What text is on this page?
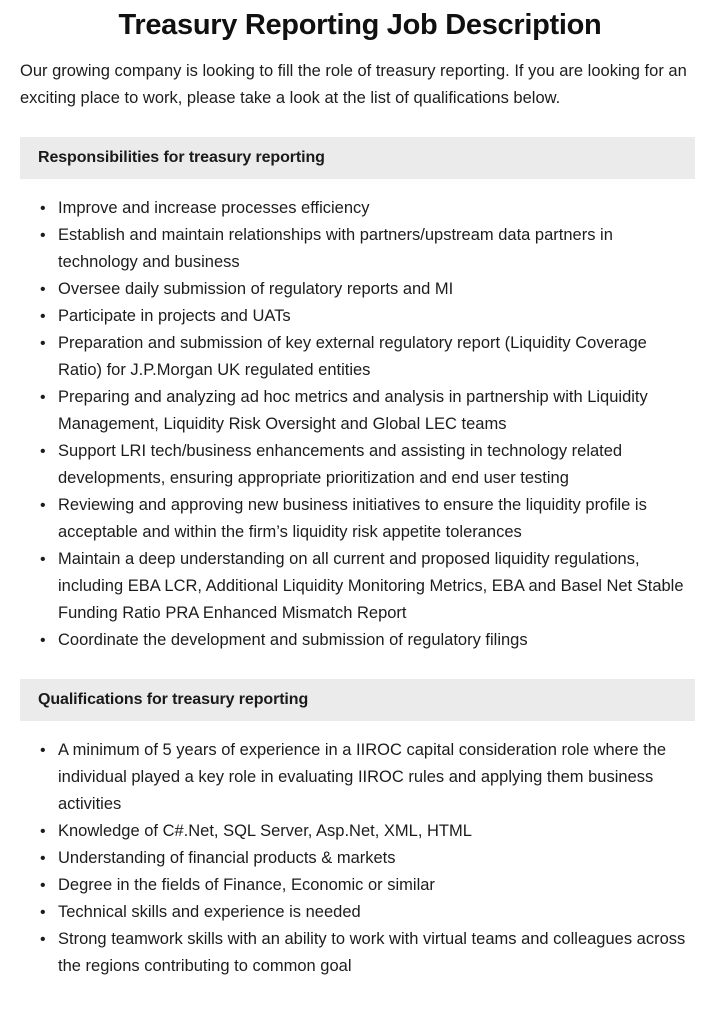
Treasury Reporting Job Description

Our growing company is looking to fill the role of treasury reporting. If you are looking for an exciting place to work, please take a look at the list of qualifications below.

Responsibilities for treasury reporting
• Improve and increase processes efficiency
• Establish and maintain relationships with partners/upstream data partners in technology and business
• Oversee daily submission of regulatory reports and MI
• Participate in projects and UATs
• Preparation and submission of key external regulatory report (Liquidity Coverage Ratio) for J.P.Morgan UK regulated entities
• Preparing and analyzing ad hoc metrics and analysis in partnership with Liquidity Management, Liquidity Risk Oversight and Global LEC teams
• Support LRI tech/business enhancements and assisting in technology related developments, ensuring appropriate prioritization and end user testing
• Reviewing and approving new business initiatives to ensure the liquidity profile is acceptable and within the firm’s liquidity risk appetite tolerances
• Maintain a deep understanding on all current and proposed liquidity regulations, including EBA LCR, Additional Liquidity Monitoring Metrics, EBA and Basel Net Stable Funding Ratio PRA Enhanced Mismatch Report
• Coordinate the development and submission of regulatory filings
Qualifications for treasury reporting
• A minimum of 5 years of experience in a IIROC capital consideration role where the individual played a key role in evaluating IIROC rules and applying them business activities
• Knowledge of C#.Net, SQL Server, Asp.Net, XML, HTML
• Understanding of financial products & markets
• Degree in the fields of Finance, Economic or similar
• Technical skills and experience is needed
• Strong teamwork skills with an ability to work with virtual teams and colleagues across the regions contributing to common goal
